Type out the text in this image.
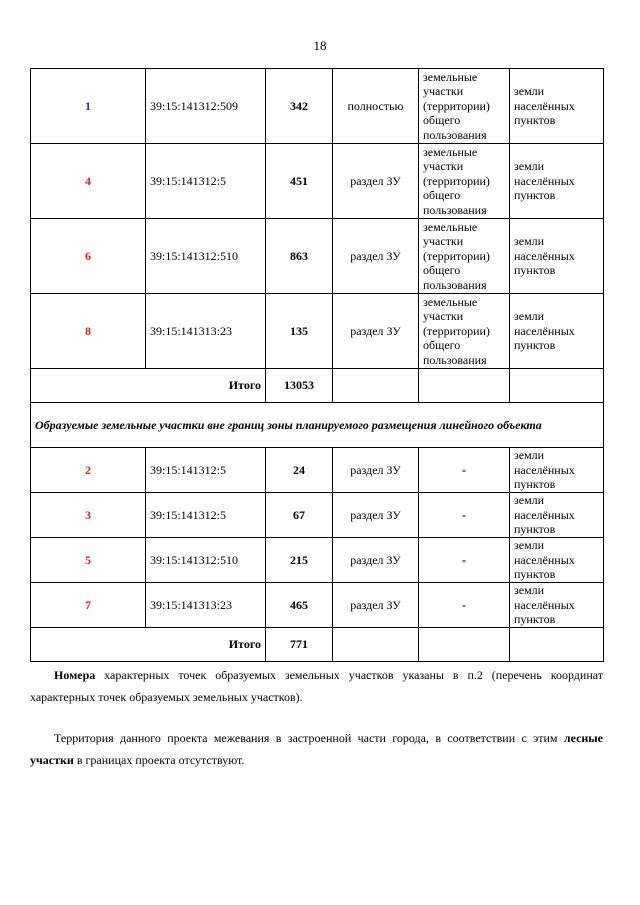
18
1	39:15:141312:509	342	полностью	земельные
участки
(территории)
общего
пользования	земли
населённых
пунктов
4	39:15:141312:5	451	раздел ЗУ	земельные
участки
(территории)
общего
пользования	земли
населённых
пунктов
6	39:15:141312:510	863	раздел ЗУ	земельные
участки
(территории)
общего
пользования	земли
населённых
пунктов
8	39:15:141313:23	135	раздел ЗУ	земельные
участки
(территории)
общего
пользования	земли
населённых
пунктов
Итого		13053			
Образуемые земельные участки вне границ зоны планируемого размещения линейного объекта					
2	39:15:141312:5	24	раздел ЗУ	-	земли
населённых
пунктов
3	39:15:141312:5	67	раздел ЗУ	-	земли
населённых
пунктов
5	39:15:141312:510	215	раздел ЗУ	-	земли
населённых
пунктов
7	39:15:141313:23	465	раздел ЗУ	-	земли
населённых
пунктов
Итого		771			

Номера характерных точек образуемых земельных участков указаны в п.2 (перечень координат характерных точек образуемых земельных участков).

Территория данного проекта межевания в застроенной части города, в соответствии с этим лесные участки в границах проекта отсутствуют.
